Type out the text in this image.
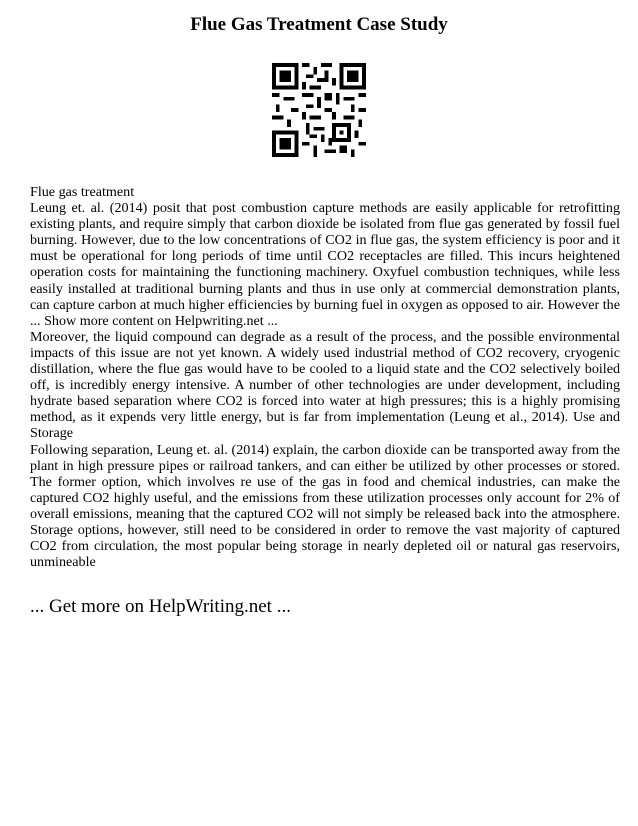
Flue Gas Treatment Case Study

Flue gas treatment

Leung et. al. (2014) posit that post combustion capture methods are easily applicable for retrofitting existing plants, and require simply that carbon dioxide be isolated from flue gas generated by fossil fuel burning. However, due to the low concentrations of CO2 in flue gas, the system efficiency is poor and it must be operational for long periods of time until CO2 receptacles are filled. This incurs heightened operation costs for maintaining the functioning machinery. Oxyfuel combustion techniques, while less easily installed at traditional burning plants and thus in use only at commercial demonstration plants, can capture carbon at much higher efficiencies by burning fuel in oxygen as opposed to air. However the ... Show more content on Helpwriting.net ...

Moreover, the liquid compound can degrade as a result of the process, and the possible environmental impacts of this issue are not yet known. A widely used industrial method of CO2 recovery, cryogenic distillation, where the flue gas would have to be cooled to a liquid state and the CO2 selectively boiled off, is incredibly energy intensive. A number of other technologies are under development, including hydrate based separation where CO2 is forced into water at high pressures; this is a highly promising method, as it expends very little energy, but is far from implementation (Leung et al., 2014). Use and Storage

Following separation, Leung et. al. (2014) explain, the carbon dioxide can be transported away from the plant in high pressure pipes or railroad tankers, and can either be utilized by other processes or stored. The former option, which involves re use of the gas in food and chemical industries, can make the captured CO2 highly useful, and the emissions from these utilization processes only account for 2% of overall emissions, meaning that the captured CO2 will not simply be released back into the atmosphere. Storage options, however, still need to be considered in order to remove the vast majority of captured CO2 from circulation, the most popular being storage in nearly depleted oil or natural gas reservoirs, unmineable

... Get more on HelpWriting.net ...
